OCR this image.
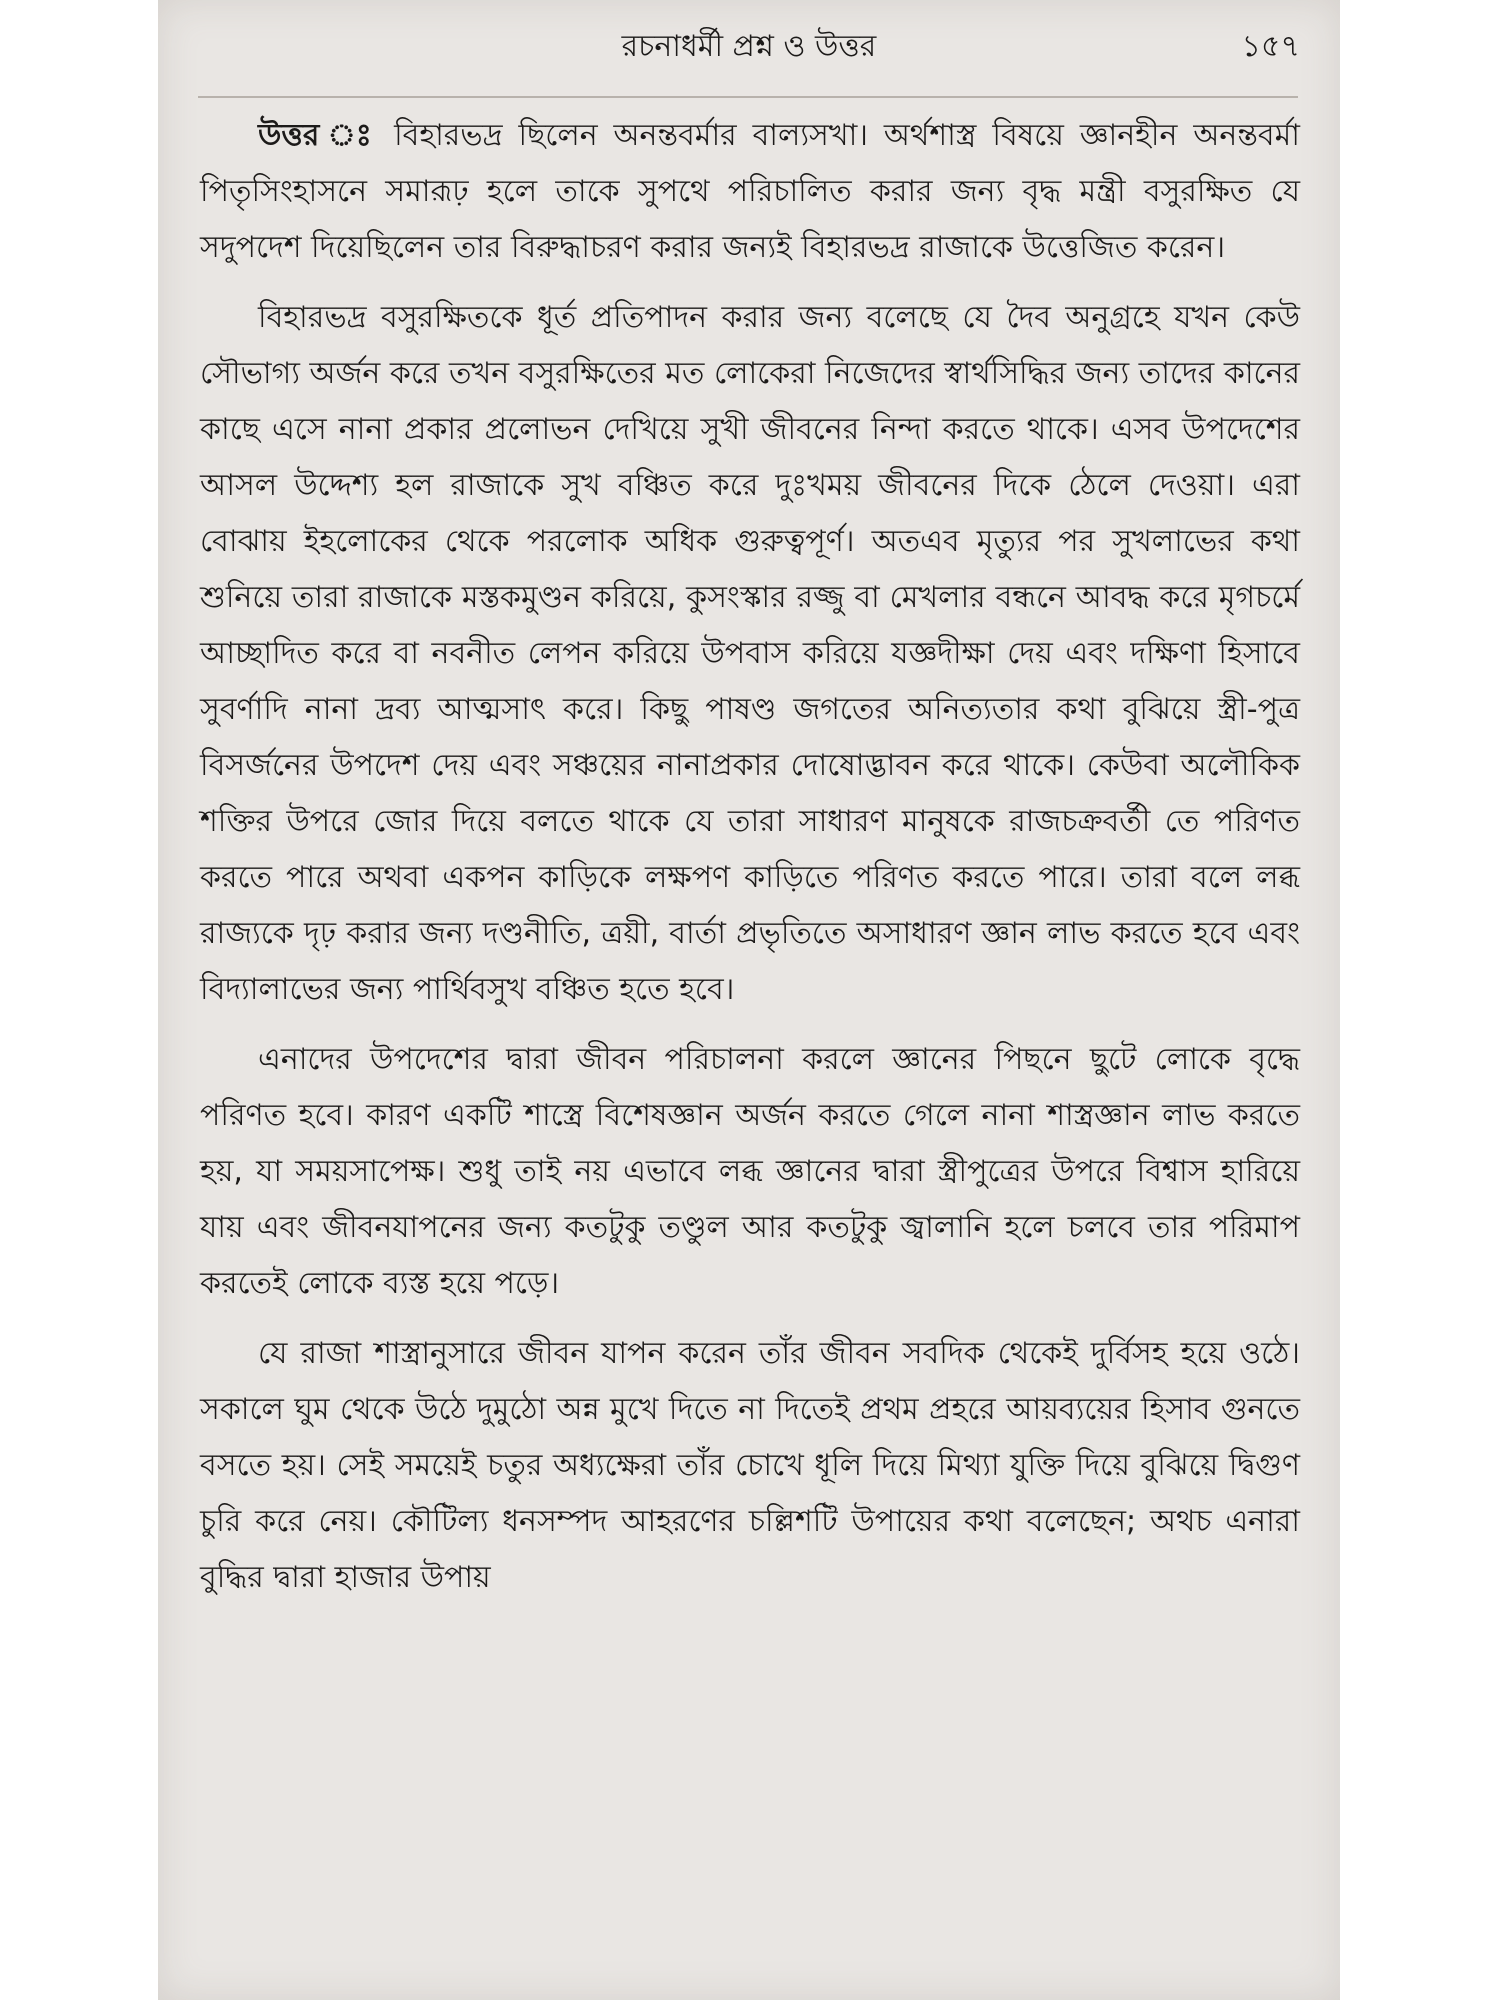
রচনাধর্মী প্রশ্ন ও উত্তর	১৫৭

উত্তর ঃ বিহারভদ্র ছিলেন অনন্তবর্মার বাল্যসখা। অর্থশাস্ত্র বিষয়ে জ্ঞানহীন অনন্তবর্মা পিতৃসিংহাসনে সমারূঢ় হলে তাকে সুপথে পরিচালিত করার জন্য বৃদ্ধ মন্ত্রী বসুরক্ষিত যে সদুপদেশ দিয়েছিলেন তার বিরুদ্ধাচরণ করার জন্যই বিহারভদ্র রাজাকে উত্তেজিত করেন।

বিহারভদ্র বসুরক্ষিতকে ধূর্ত প্রতিপাদন করার জন্য বলেছে যে দৈব অনুগ্রহে যখন কেউ সৌভাগ্য অর্জন করে তখন বসুরক্ষিতের মত লোকেরা নিজেদের স্বার্থসিদ্ধির জন্য তাদের কানের কাছে এসে নানা প্রকার প্রলোভন দেখিয়ে সুখী জীবনের নিন্দা করতে থাকে। এসব উপদেশের আসল উদ্দেশ্য হল রাজাকে সুখ বঞ্চিত করে দুঃখময় জীবনের দিকে ঠেলে দেওয়া। এরা বোঝায় ইহলোকের থেকে পরলোক অধিক গুরুত্বপূর্ণ। অতএব মৃত্যুর পর সুখলাভের কথা শুনিয়ে তারা রাজাকে মস্তকমুণ্ডন করিয়ে, কুসংস্কার রজ্জু বা মেখলার বন্ধনে আবদ্ধ করে মৃগচর্মে আচ্ছাদিত করে বা নবনীত লেপন করিয়ে উপবাস করিয়ে যজ্ঞদীক্ষা দেয় এবং দক্ষিণা হিসাবে সুবর্ণাদি নানা দ্রব্য আত্মসাৎ করে। কিছু পাষণ্ড জগতের অনিত্যতার কথা বুঝিয়ে স্ত্রী-পুত্র বিসর্জনের উপদেশ দেয় এবং সঞ্চয়ের নানাপ্রকার দোষোদ্ভাবন করে থাকে। কেউবা অলৌকিক শক্তির উপরে জোর দিয়ে বলতে থাকে যে তারা সাধারণ মানুষকে রাজচক্রবর্তী তে পরিণত করতে পারে অথবা একপন কাড়িকে লক্ষপণ কাড়িতে পরিণত করতে পারে। তারা বলে লব্ধ রাজ্যকে দৃঢ় করার জন্য দণ্ডনীতি, ত্রয়ী, বার্তা প্রভৃতিতে অসাধারণ জ্ঞান লাভ করতে হবে এবং বিদ্যালাভের জন্য পার্থিবসুখ বঞ্চিত হতে হবে।

এনাদের উপদেশের দ্বারা জীবন পরিচালনা করলে জ্ঞানের পিছনে ছুটে লোকে বৃদ্ধে পরিণত হবে। কারণ একটি শাস্ত্রে বিশেষজ্ঞান অর্জন করতে গেলে নানা শাস্ত্রজ্ঞান লাভ করতে হয়, যা সময়সাপেক্ষ। শুধু তাই নয় এভাবে লব্ধ জ্ঞানের দ্বারা স্ত্রীপুত্রের উপরে বিশ্বাস হারিয়ে যায় এবং জীবনযাপনের জন্য কতটুকু তণ্ডুল আর কতটুকু জ্বালানি হলে চলবে তার পরিমাপ করতেই লোকে ব্যস্ত হয়ে পড়ে।

যে রাজা শাস্ত্রানুসারে জীবন যাপন করেন তাঁর জীবন সবদিক থেকেই দুর্বিসহ হয়ে ওঠে। সকালে ঘুম থেকে উঠে দুমুঠো অন্ন মুখে দিতে না দিতেই প্রথম প্রহরে আয়ব্যয়ের হিসাব গুনতে বসতে হয়। সেই সময়েই চতুর অধ্যক্ষেরা তাঁর চোখে ধূলি দিয়ে মিথ্যা যুক্তি দিয়ে বুঝিয়ে দ্বিগুণ চুরি করে নেয়। কৌটিল্য ধনসম্পদ আহরণের চল্লিশটি উপায়ের কথা বলেছেন; অথচ এনারা বুদ্ধির দ্বারা হাজার উপায়
